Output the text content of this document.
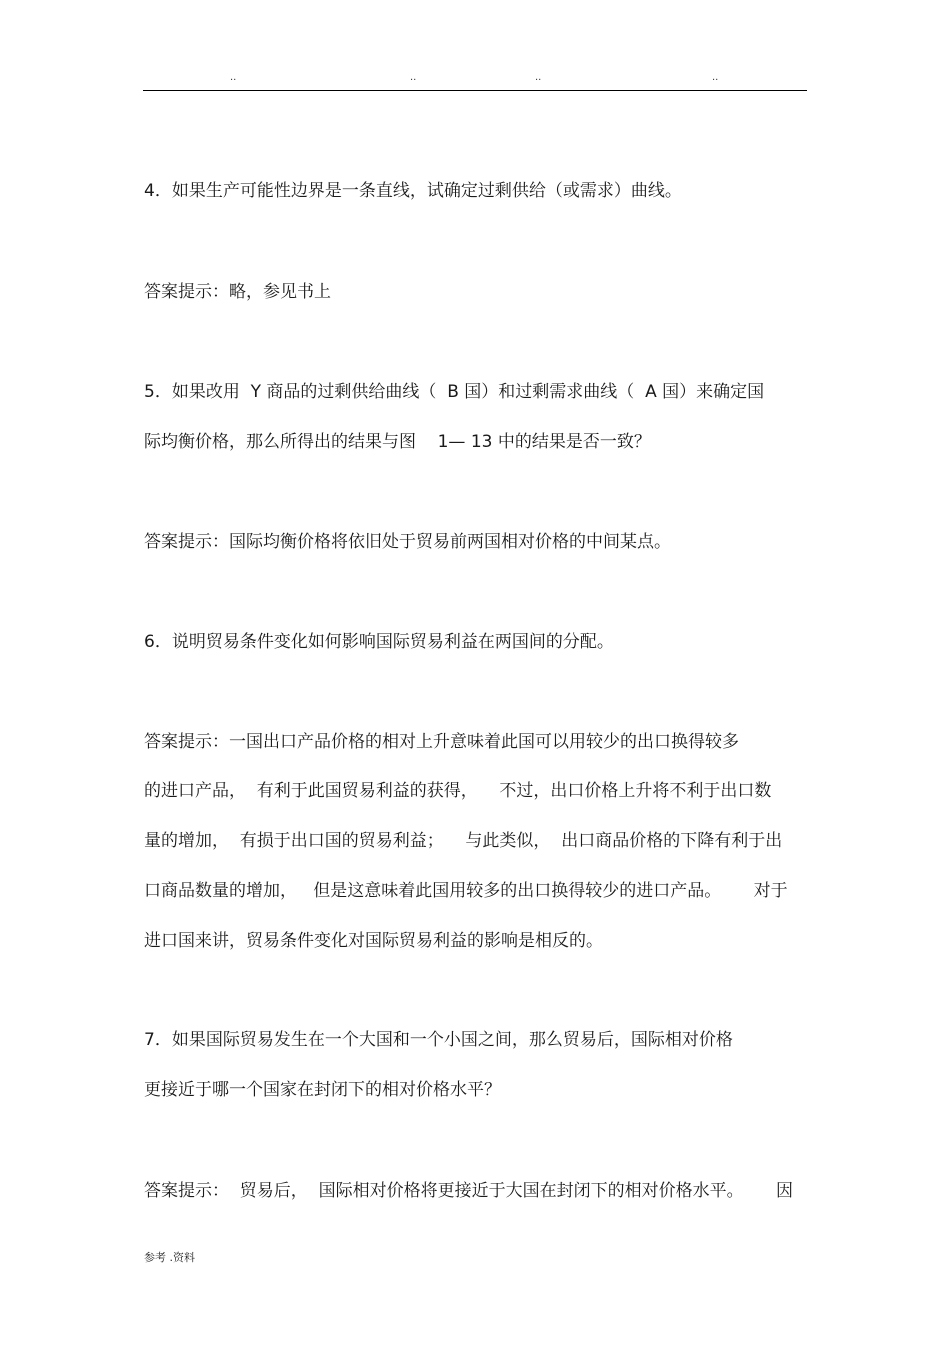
..	..	..	..
4．如果生产可能性边界是一条直线，试确定过剩供给（或需求）曲线。
答案提示：略，参见书上
5．如果改用  Y 商品的过剩供给曲线（  B 国）和过剩需求曲线（  A 国）来确定国
际均衡价格，那么所得出的结果与图    1— 13 中的结果是否一致？
答案提示：国际均衡价格将依旧处于贸易前两国相对价格的中间某点。
6．说明贸易条件变化如何影响国际贸易利益在两国间的分配。
答案提示：一国出口产品价格的相对上升意味着此国可以用较少的出口换得较多
的进口产品，  有利于此国贸易利益的获得，    不过，出口价格上升将不利于出口数
量的增加，  有损于出口国的贸易利益；    与此类似，  出口商品价格的下降有利于出
口商品数量的增加，   但是这意味着此国用较多的出口换得较少的进口产品。      对于
进口国来讲，贸易条件变化对国际贸易利益的影响是相反的。
7．如果国际贸易发生在一个大国和一个小国之间，那么贸易后，国际相对价格
更接近于哪一个国家在封闭下的相对价格水平？
答案提示：  贸易后，  国际相对价格将更接近于大国在封闭下的相对价格水平。      因
参考 .资料
